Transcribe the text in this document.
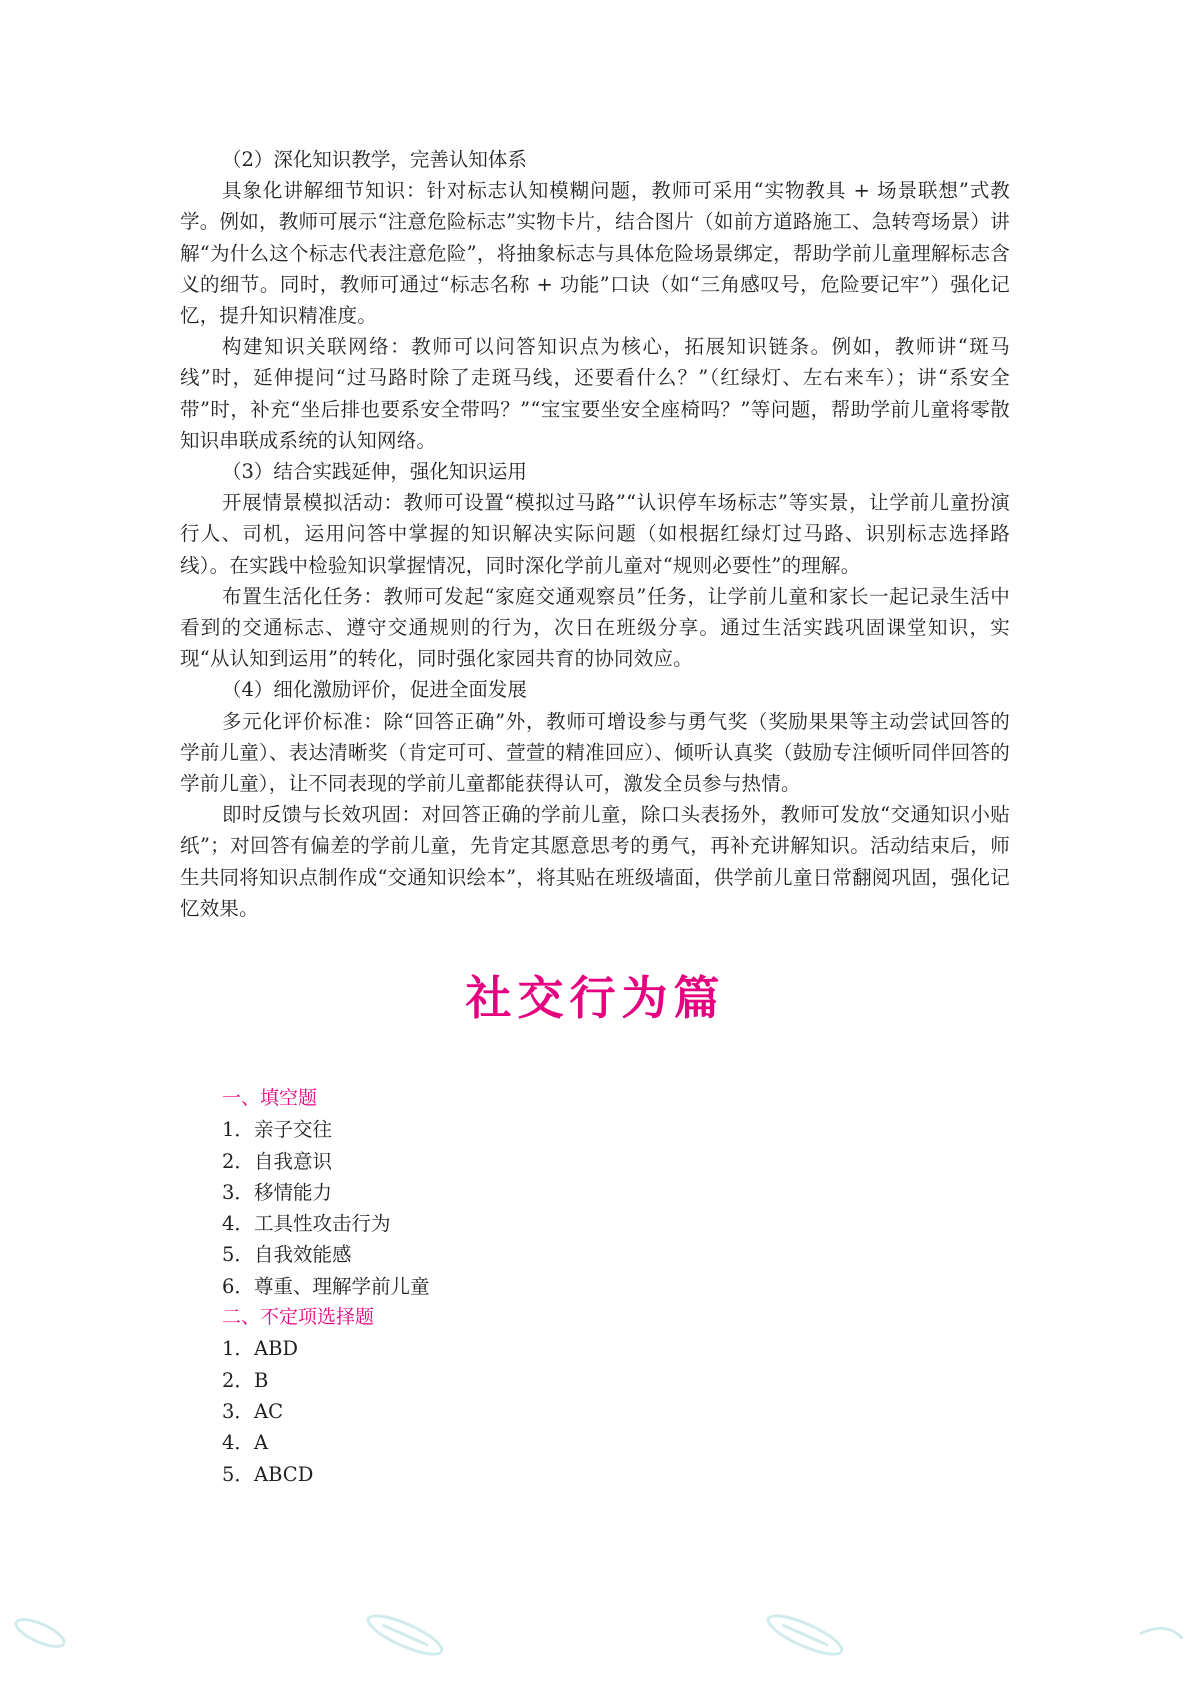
（2）深化知识教学，完善认知体系

具象化讲解细节知识：针对标志认知模糊问题，教师可采用“实物教具 + 场景联想”式教学。例如，教师可展示“注意危险标志”实物卡片，结合图片（如前方道路施工、急转弯场景）讲解“为什么这个标志代表注意危险”，将抽象标志与具体危险场景绑定，帮助学前儿童理解标志含义的细节。同时，教师可通过“标志名称 + 功能”口诀（如“三角感叹号，危险要记牢”）强化记忆，提升知识精准度。

构建知识关联网络：教师可以问答知识点为核心，拓展知识链条。例如，教师讲“斑马线”时，延伸提问“过马路时除了走斑马线，还要看什么？”（红绿灯、左右来车）；讲“系安全带”时，补充“坐后排也要系安全带吗？”“宝宝要坐安全座椅吗？”等问题，帮助学前儿童将零散知识串联成系统的认知网络。

（3）结合实践延伸，强化知识运用

开展情景模拟活动：教师可设置“模拟过马路”“认识停车场标志”等实景，让学前儿童扮演行人、司机，运用问答中掌握的知识解决实际问题（如根据红绿灯过马路、识别标志选择路线）。在实践中检验知识掌握情况，同时深化学前儿童对“规则必要性”的理解。

布置生活化任务：教师可发起“家庭交通观察员”任务，让学前儿童和家长一起记录生活中看到的交通标志、遵守交通规则的行为，次日在班级分享。通过生活实践巩固课堂知识，实现“从认知到运用”的转化，同时强化家园共育的协同效应。

（4）细化激励评价，促进全面发展

多元化评价标准：除“回答正确”外，教师可增设参与勇气奖（奖励果果等主动尝试回答的学前儿童）、表达清晰奖（肯定可可、萱萱的精准回应）、倾听认真奖（鼓励专注倾听同伴回答的学前儿童），让不同表现的学前儿童都能获得认可，激发全员参与热情。

即时反馈与长效巩固：对回答正确的学前儿童，除口头表扬外，教师可发放“交通知识小贴纸”；对回答有偏差的学前儿童，先肯定其愿意思考的勇气，再补充讲解知识。活动结束后，师生共同将知识点制作成“交通知识绘本”，将其贴在班级墙面，供学前儿童日常翻阅巩固，强化记忆效果。

社交行为篇

一、填空题

1．亲子交往

2．自我意识

3．移情能力

4．工具性攻击行为

5．自我效能感

6．尊重、理解学前儿童

二、不定项选择题

1．ABD

2．B

3．AC

4．A

5．ABCD
